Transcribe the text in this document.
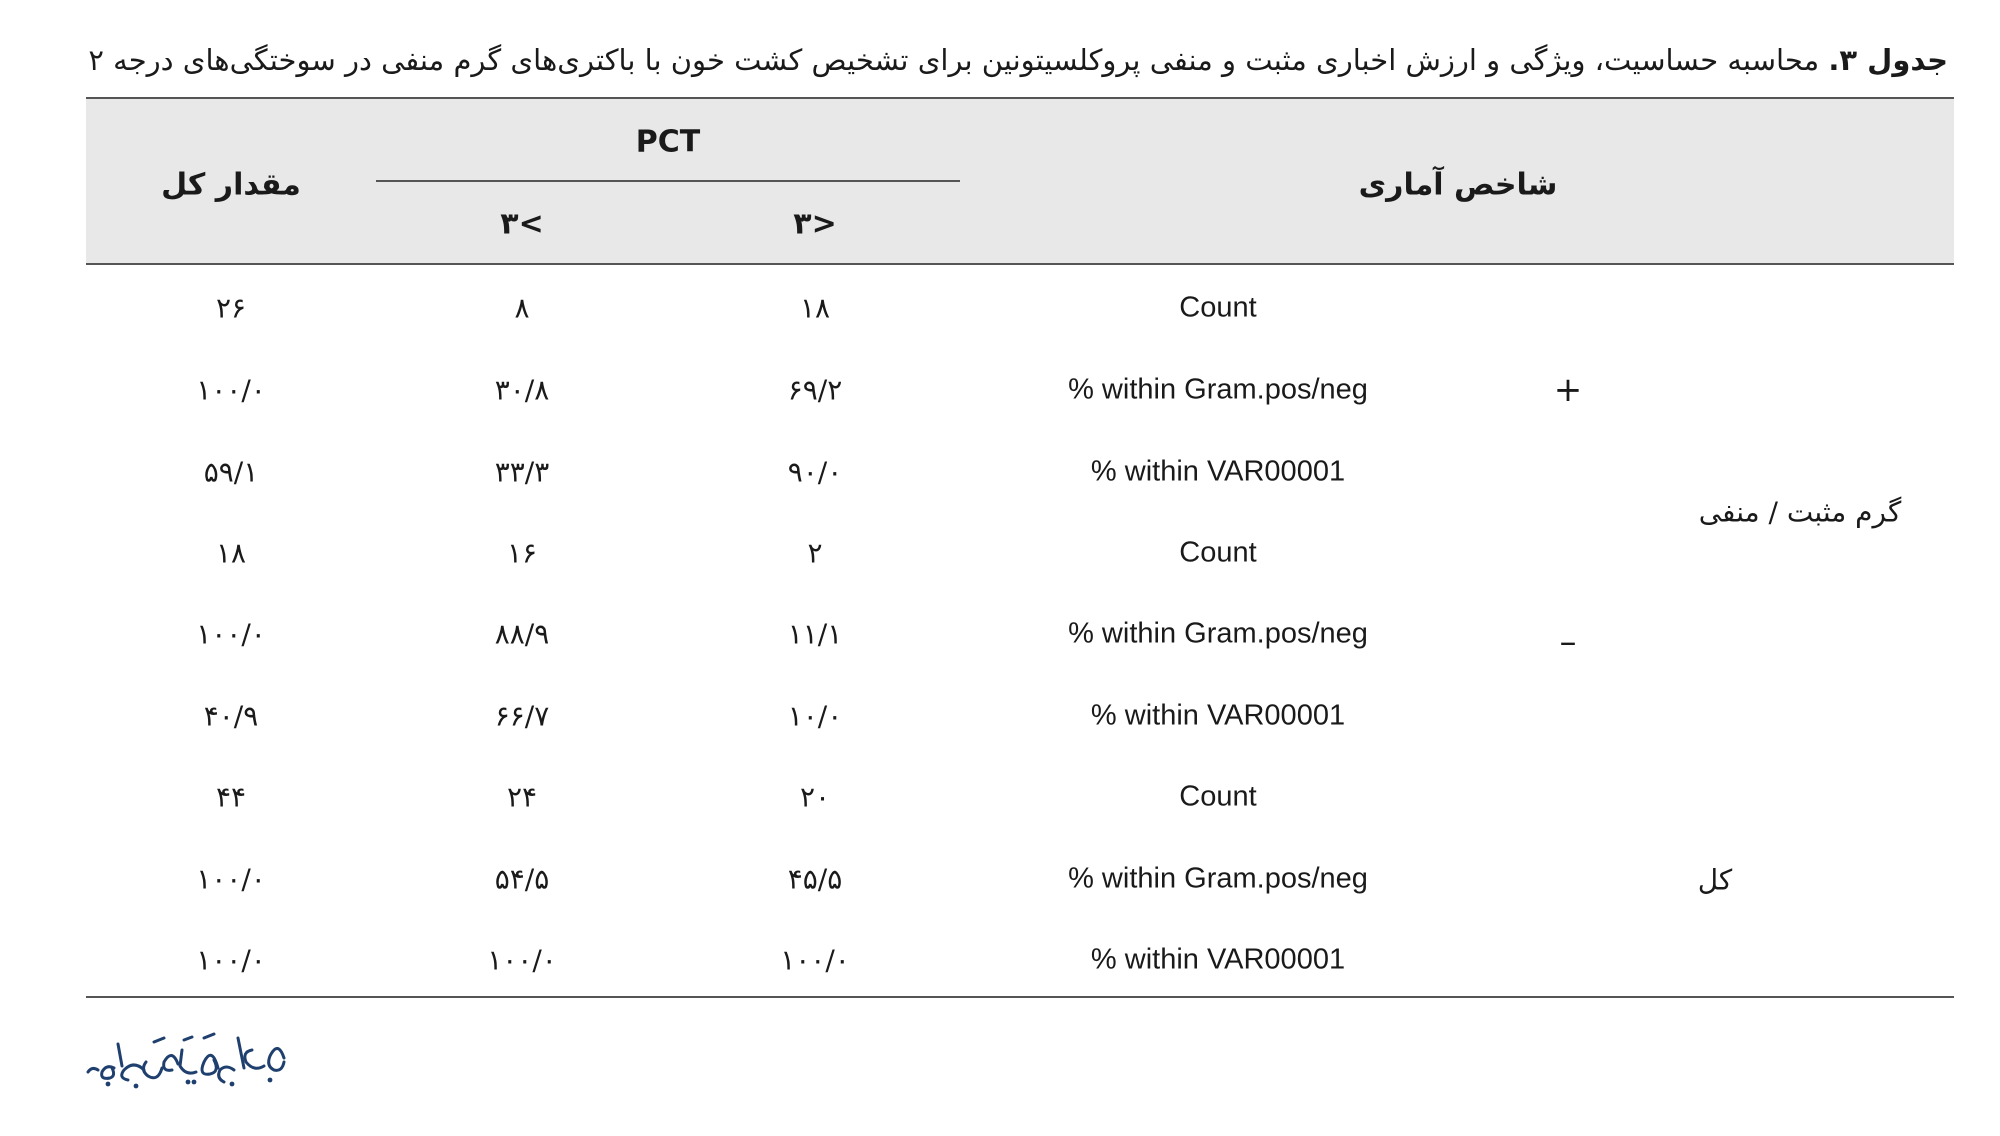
جدول ۳. محاسبه حساسیت، ویژگی و ارزش اخباری مثبت و منفی پروکلسیتونین برای تشخیص کشت خون با باکتری‌های گرم منفی در سوختگی‌های درجه ۲
شاخص آماری
PCT
۳>
۳<
مقدار کل
گرم مثبت / منفی
+
–
کل
Count
۱۸
۸
۲۶
% within Gram.pos/neg
۶۹/۲
۳۰/۸
۱۰۰/۰
% within VAR00001
۹۰/۰
۳۳/۳
۵۹/۱
Count
۲
۱۶
۱۸
% within Gram.pos/neg
۱۱/۱
۸۸/۹
۱۰۰/۰
% within VAR00001
۱۰/۰
۶۶/۷
۴۰/۹
Count
۲۰
۲۴
۴۴
% within Gram.pos/neg
۴۵/۵
۵۴/۵
۱۰۰/۰
% within VAR00001
۱۰۰/۰
۱۰۰/۰
۱۰۰/۰
مجله دانشگاه علوم پزشکی گیلان
